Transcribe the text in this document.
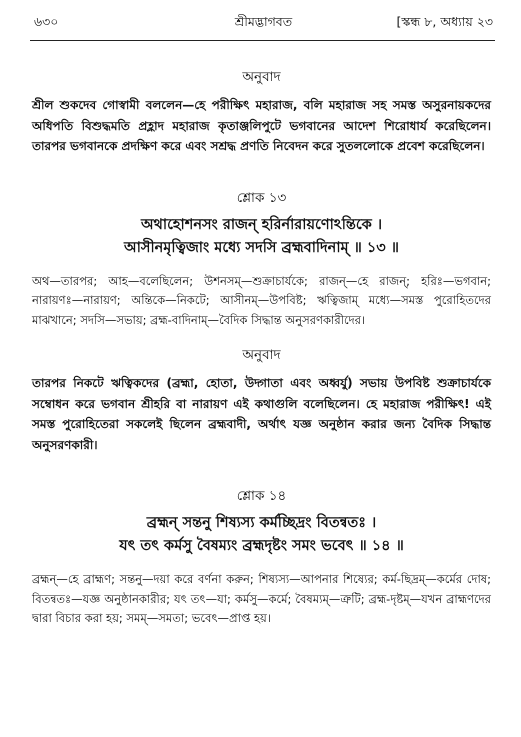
৬৩০	শ্রীমদ্ভাগবত	[স্কন্ধ ৮, অধ্যায় ২৩
অনুবাদ

শ্রীল শুকদেব গোস্বামী বললেন—হে পরীক্ষিৎ মহারাজ, বলি মহারাজ সহ সমস্ত অসুরনায়কদের অধিপতি বিশুদ্ধমতি প্রহ্লাদ মহারাজ কৃতাঞ্জলিপুটে ভগবানের আদেশ শিরোধার্য করেছিলেন। তারপর ভগবানকে প্রদক্ষিণ করে এবং সশ্রদ্ধ প্রণতি নিবেদন করে সুতললোকে প্রবেশ করেছিলেন।

শ্লোক ১৩

অথাহোশনসং রাজন্ হরির্নারায়ণোঽন্তিকে ।

আসীনমৃত্বিজাং মধ্যে সদসি ব্রহ্মবাদিনাম্ ॥ ১৩ ॥

অথ—তারপর; আহ—বলেছিলেন; উশনসম্—শুক্রাচার্যকে; রাজন্—হে রাজন্; হরিঃ—ভগবান; নারায়ণঃ—নারায়ণ; অন্তিকে—নিকটে; আসীনম্—উপবিষ্ট; ঋত্বিজাম্ মধ্যে—সমস্ত পুরোহিতদের মাঝখানে; সদসি—সভায়; ব্রহ্ম-বাদিনাম্—বৈদিক সিদ্ধান্ত অনুসরণকারীদের।

অনুবাদ

তারপর নিকটে ঋত্বিকদের (ব্রহ্মা, হোতা, উদ্গাতা এবং অধ্বর্যু) সভায় উপবিষ্ট শুক্রাচার্যকে সম্বোধন করে ভগবান শ্রীহরি বা নারায়ণ এই কথাগুলি বলেছিলেন। হে মহারাজ পরীক্ষিৎ! এই সমস্ত পুরোহিতেরা সকলেই ছিলেন ব্রহ্মবাদী, অর্থাৎ যজ্ঞ অনুষ্ঠান করার জন্য বৈদিক সিদ্ধান্ত অনুসরণকারী।

শ্লোক ১৪

ব্রহ্মন্ সন্তনু শিষ্যস্য কর্মচ্ছিদ্রং বিতন্বতঃ ।

যৎ তৎ কর্মসু বৈষম্যং ব্রহ্মদৃষ্টং সমং ভবেৎ ॥ ১৪ ॥

ব্রহ্মন্—হে ব্রাহ্মণ; সন্তনু—দয়া করে বর্ণনা করুন; শিষ্যস্য—আপনার শিষ্যের; কর্ম-ছিদ্রম্—কর্মের দোষ; বিতন্বতঃ—যজ্ঞ অনুষ্ঠানকারীর; যৎ তৎ—যা; কর্মসু—কর্মে; বৈষম্যম্—ত্রুটি; ব্রহ্ম-দৃষ্টম্—যখন ব্রাহ্মণদের দ্বারা বিচার করা হয়; সমম্—সমতা; ভবেৎ—প্রাপ্ত হয়।
